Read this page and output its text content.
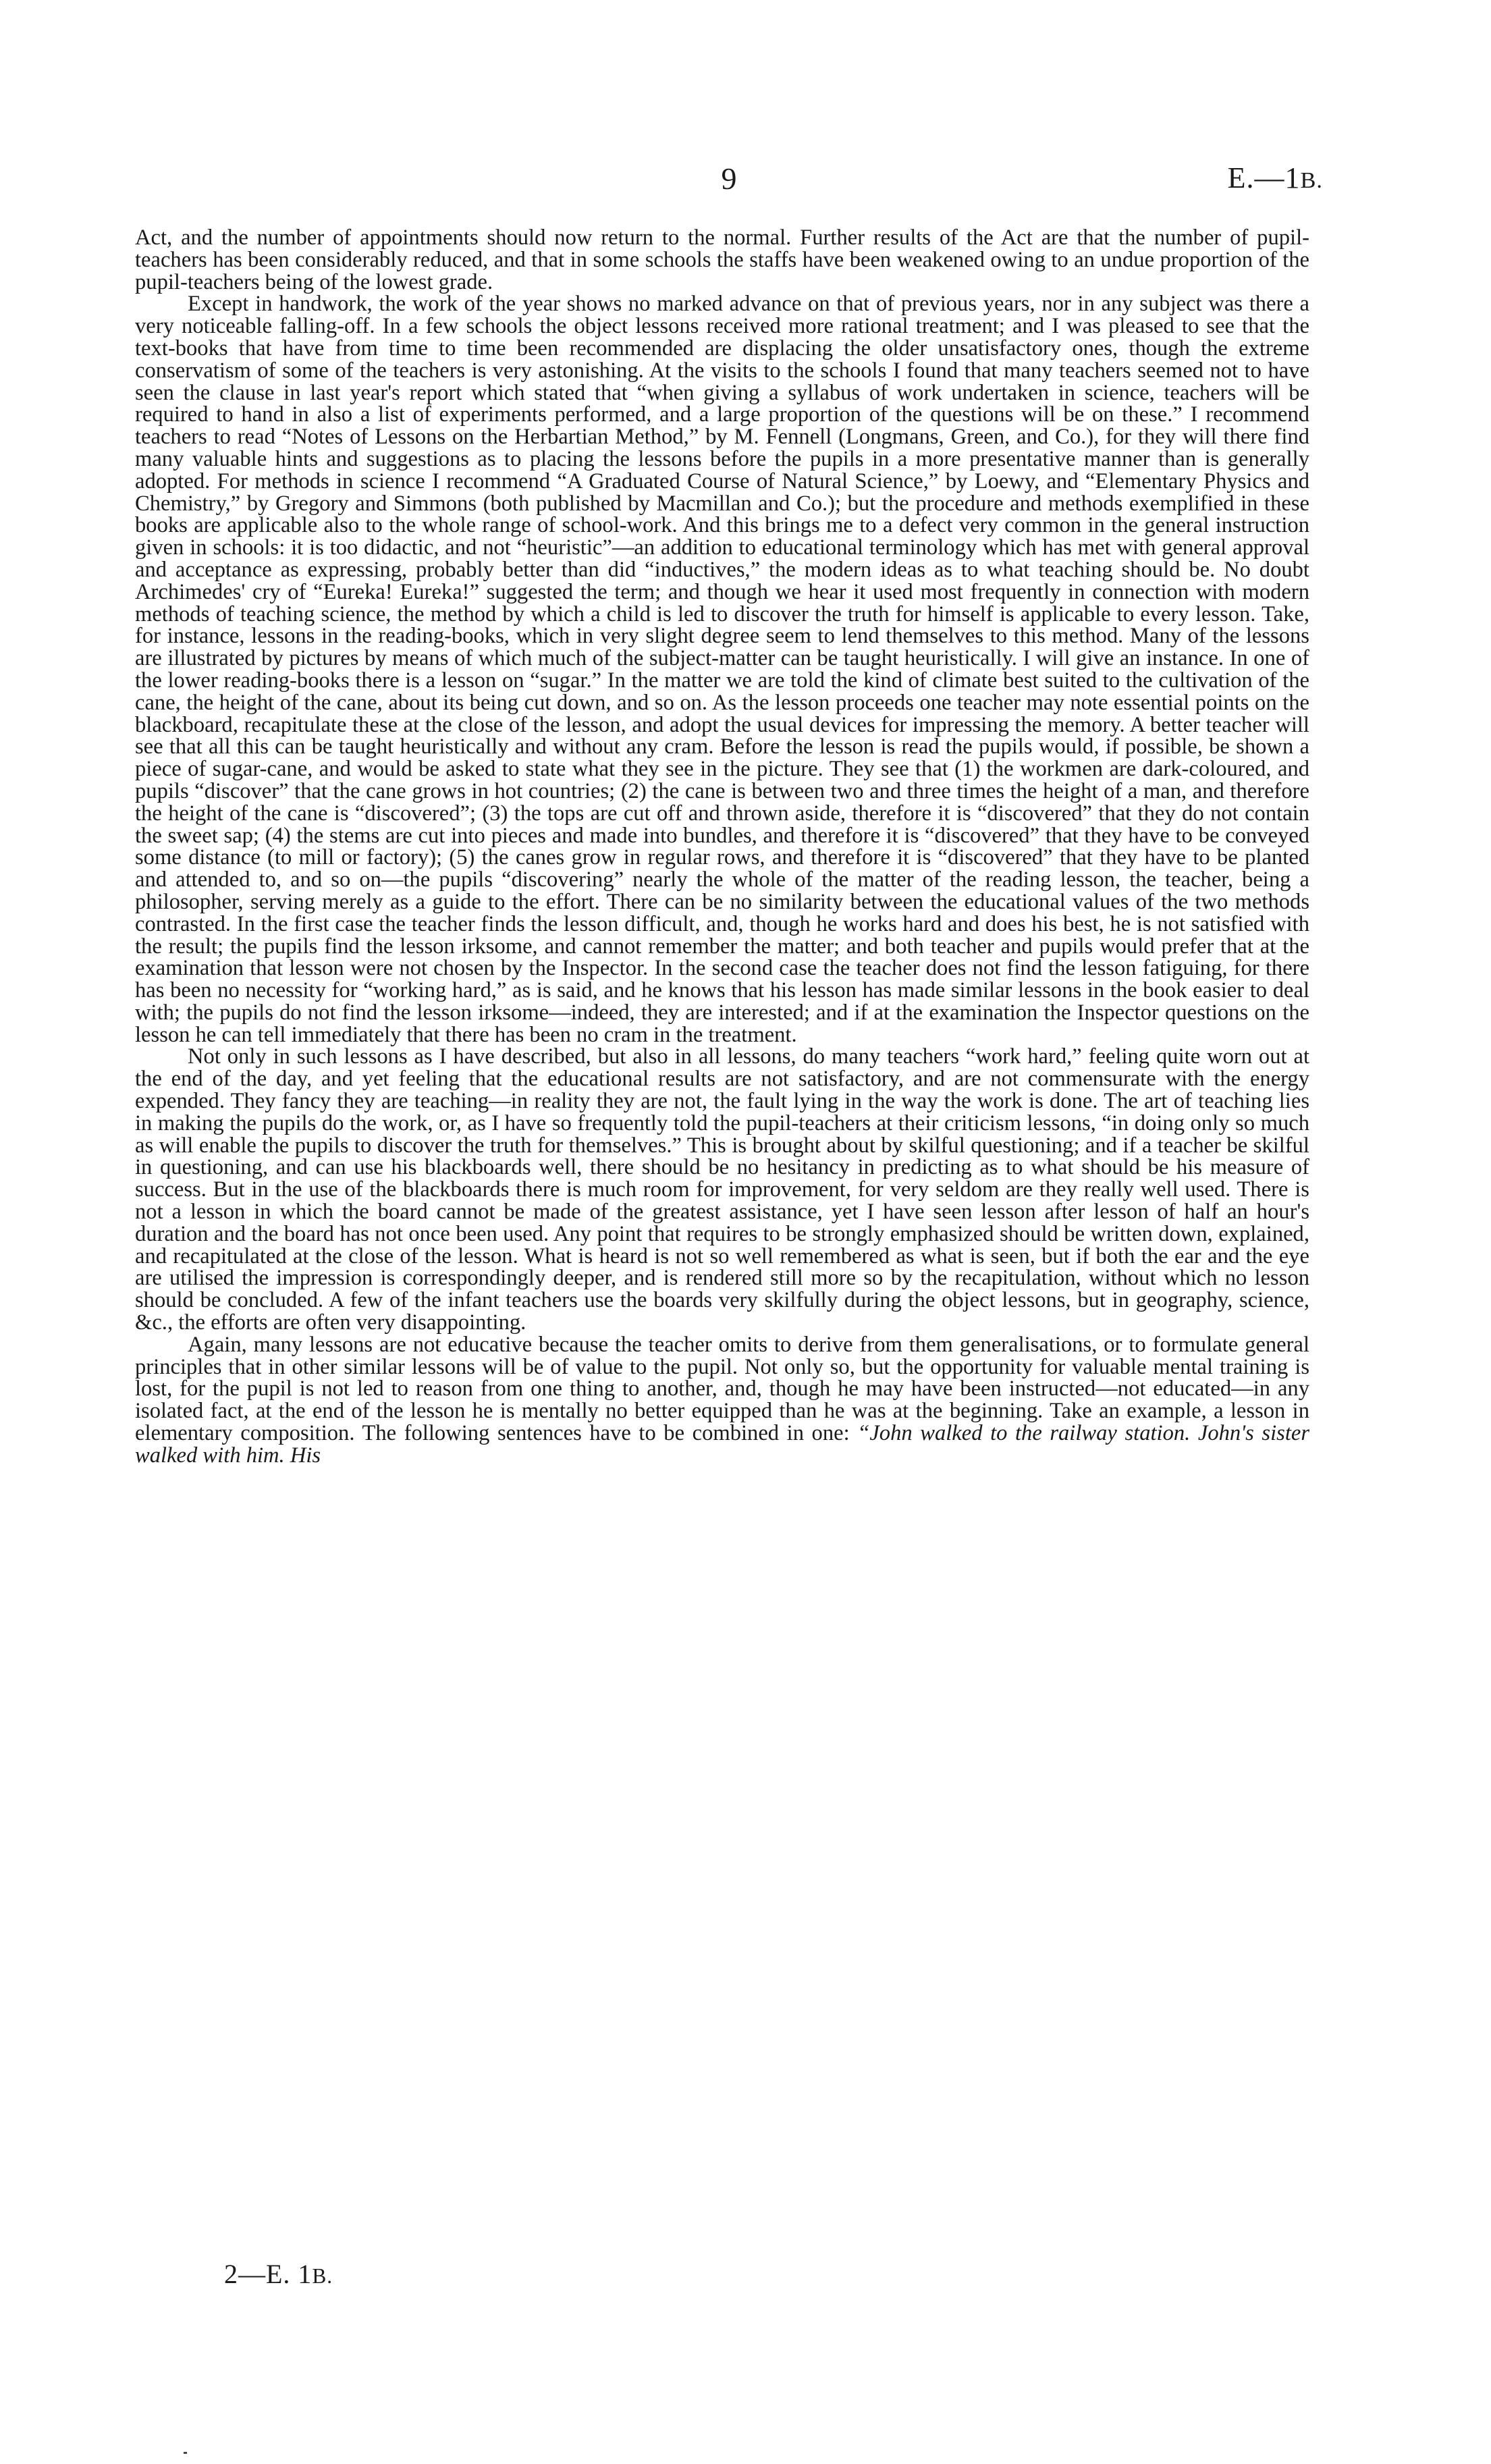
9	E.—1B.

Act, and the number of appointments should now return to the normal. Further results of the Act are that the number of pupil-teachers has been considerably reduced, and that in some schools the staffs have been weakened owing to an undue proportion of the pupil-teachers being of the lowest grade.

Except in handwork, the work of the year shows no marked advance on that of previous years, nor in any subject was there a very noticeable falling-off. In a few schools the object lessons received more rational treatment; and I was pleased to see that the text-books that have from time to time been recommended are displacing the older unsatisfactory ones, though the extreme conservatism of some of the teachers is very astonishing. At the visits to the schools I found that many teachers seemed not to have seen the clause in last year's report which stated that “when giving a syllabus of work undertaken in science, teachers will be required to hand in also a list of experiments performed, and a large proportion of the questions will be on these.” I recommend teachers to read “Notes of Lessons on the Herbartian Method,” by M. Fennell (Longmans, Green, and Co.), for they will there find many valuable hints and suggestions as to placing the lessons before the pupils in a more presentative manner than is generally adopted. For methods in science I recommend “A Graduated Course of Natural Science,” by Loewy, and “Elementary Physics and Chemistry,” by Gregory and Simmons (both published by Macmillan and Co.); but the procedure and methods exemplified in these books are applicable also to the whole range of school-work. And this brings me to a defect very common in the general instruction given in schools: it is too didactic, and not “heuristic”—an addition to educational terminology which has met with general approval and acceptance as expressing, probably better than did “inductives,” the modern ideas as to what teaching should be. No doubt Archimedes' cry of “Eureka! Eureka!” suggested the term; and though we hear it used most frequently in connection with modern methods of teaching science, the method by which a child is led to discover the truth for himself is applicable to every lesson. Take, for instance, lessons in the reading-books, which in very slight degree seem to lend themselves to this method. Many of the lessons are illustrated by pictures by means of which much of the subject-matter can be taught heuristically. I will give an instance. In one of the lower reading-books there is a lesson on “sugar.” In the matter we are told the kind of climate best suited to the cultivation of the cane, the height of the cane, about its being cut down, and so on. As the lesson proceeds one teacher may note essential points on the blackboard, recapitulate these at the close of the lesson, and adopt the usual devices for impressing the memory. A better teacher will see that all this can be taught heuristically and without any cram. Before the lesson is read the pupils would, if possible, be shown a piece of sugar-cane, and would be asked to state what they see in the picture. They see that (1) the workmen are dark-coloured, and pupils “discover” that the cane grows in hot countries; (2) the cane is between two and three times the height of a man, and therefore the height of the cane is “discovered”; (3) the tops are cut off and thrown aside, therefore it is “discovered” that they do not contain the sweet sap; (4) the stems are cut into pieces and made into bundles, and therefore it is “discovered” that they have to be conveyed some distance (to mill or factory); (5) the canes grow in regular rows, and therefore it is “discovered” that they have to be planted and attended to, and so on—the pupils “discovering” nearly the whole of the matter of the reading lesson, the teacher, being a philosopher, serving merely as a guide to the effort. There can be no similarity between the educational values of the two methods contrasted. In the first case the teacher finds the lesson difficult, and, though he works hard and does his best, he is not satisfied with the result; the pupils find the lesson irksome, and cannot remember the matter; and both teacher and pupils would prefer that at the examination that lesson were not chosen by the Inspector. In the second case the teacher does not find the lesson fatiguing, for there has been no necessity for “working hard,” as is said, and he knows that his lesson has made similar lessons in the book easier to deal with; the pupils do not find the lesson irksome—indeed, they are interested; and if at the examination the Inspector questions on the lesson he can tell immediately that there has been no cram in the treatment.

Not only in such lessons as I have described, but also in all lessons, do many teachers “work hard,” feeling quite worn out at the end of the day, and yet feeling that the educational results are not satisfactory, and are not commensurate with the energy expended. They fancy they are teaching—in reality they are not, the fault lying in the way the work is done. The art of teaching lies in making the pupils do the work, or, as I have so frequently told the pupil-teachers at their criticism lessons, “in doing only so much as will enable the pupils to discover the truth for themselves.” This is brought about by skilful questioning; and if a teacher be skilful in questioning, and can use his blackboards well, there should be no hesitancy in predicting as to what should be his measure of success. But in the use of the blackboards there is much room for improvement, for very seldom are they really well used. There is not a lesson in which the board cannot be made of the greatest assistance, yet I have seen lesson after lesson of half an hour's duration and the board has not once been used. Any point that requires to be strongly emphasized should be written down, explained, and recapitulated at the close of the lesson. What is heard is not so well remembered as what is seen, but if both the ear and the eye are utilised the impression is correspondingly deeper, and is rendered still more so by the recapitulation, without which no lesson should be concluded. A few of the infant teachers use the boards very skilfully during the object lessons, but in geography, science, &c., the efforts are often very disappointing.

Again, many lessons are not educative because the teacher omits to derive from them generalisations, or to formulate general principles that in other similar lessons will be of value to the pupil. Not only so, but the opportunity for valuable mental training is lost, for the pupil is not led to reason from one thing to another, and, though he may have been instructed—not educated—in any isolated fact, at the end of the lesson he is mentally no better equipped than he was at the beginning. Take an example, a lesson in elementary composition. The following sentences have to be combined in one: “John walked to the railway station. John's sister walked with him. His

2—E. 1B.
